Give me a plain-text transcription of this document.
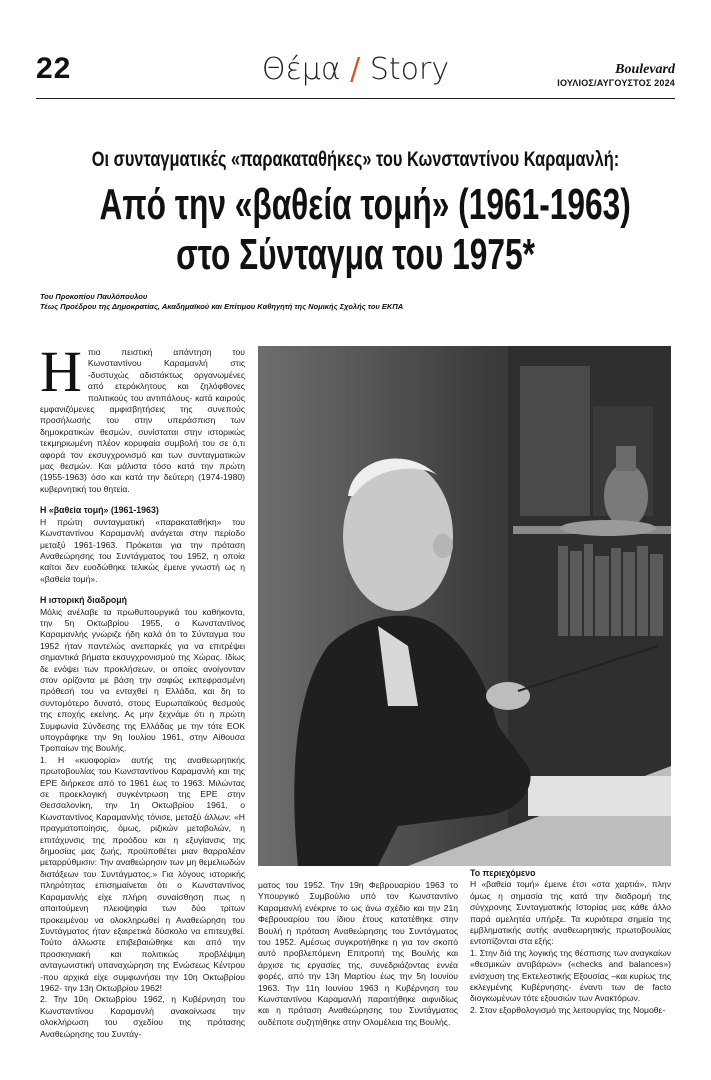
22	Θέμα / Story	Boulevard
ΙΟΥΛΙΟΣ/ΑΥΓΟΥΣΤΟΣ 2024
Οι συνταγματικές «παρακαταθήκες» του Κωνσταντίνου Καραμανλή:
Από την «βαθεία τομή» (1961-1963)
στο Σύνταγμα του 1975*
Του Προκοπίου Παυλόπουλου
Τέως Προέδρου της Δημοκρατίας, Ακαδημαϊκού και Επίτιμου Καθηγητή της Νομικής Σχολής του ΕΚΠΑ

Ηπιο πειστική απάντηση του Κωνσταντίνου Καραμανλή στις -δυστυχώς αδιστάκτως οργανωμένες από ετερόκλητους και ζηλόφθονες πολιτικούς του αντιπάλους- κατά καιρούς εμφανιζόμενες αμφισβητήσεις της συνεπούς προσήλωσής του στην υπεράσπιση των δημοκρατικών θεσμών, συνίσταται στην ιστορικώς τεκμηριωμένη πλέον κορυφαία συμβολή του σε ό,τι αφορά τον εκσυγχρονισμό και των συνταγματικών μας θεσμών. Και μάλιστα τόσο κατά την πρώτη (1955-1963) όσο και κατά την δεύτερη (1974-1980) κυβερνητική του θητεία.

Η «βαθεία τομή» (1961-1963)

Η πρώτη συνταγματική «παρακαταθήκη» του Κωνσταντίνου Καραμανλή ανάγεται στην περίοδο μεταξύ 1961-1963. Πρόκειται για την πρόταση Αναθεώρησης του Συντάγματος του 1952, η οποία καίτοι δεν ευοδώθηκε τελικώς έμεινε γνωστή ως η «βαθεία τομή».

Η ιστορική διαδρομή

Μόλις ανέλαβε τα πρωθυπουργικά του καθήκοντα, την 5η Οκτωβρίου 1955, ο Κωνσταντίνος Καραμανλής γνώριζε ήδη καλά ότι το Σύνταγμα του 1952 ήταν παντελώς ανεπαρκές για να επιτρέψει σημαντικά βήματα εκσυγχρονισμού της Χώρας. Ιδίως δε ενόψει των προκλήσεων, οι οποίες ανοίγονταν στον ορίζοντα με βάση την σαφώς εκπεφρασμένη πρόθεσή του να ενταχθεί η Ελλάδα, και δη το συντομότερο δυνατό, στους Ευρωπαϊκούς θεσμούς της εποχής εκείνης. Ας μην ξεχνάμε ότι η πρώτη Συμφωνία Σύνδεσης της Ελλάδας με την τότε ΕΟΚ υπογράφηκε την 9η Ιουλίου 1961, στην Αίθουσα Τροπαίων της Βουλής.

1. Η «κυοφορία» αυτής της αναθεωρητικής πρωτοβουλίας του Κωνσταντίνου Καραμανλή και της ΕΡΕ διήρκεσε από το 1961 έως το 1963. Μιλώντας σε προεκλογική συγκέντρωση της ΕΡΕ στην Θεσσαλονίκη, την 1η Οκτωβρίου 1961, ο Κωνσταντίνος Καραμανλής τόνισε, μεταξύ άλλων: «Η πραγματοποίησις, όμως, ριζικών μεταβολών, η επιτάχυνσις της προόδου και η εξυγίανσις της δημοσίας μας ζωής, προϋποθέτει μιαν θαρραλέαν μεταρρύθμισιν: Την αναθεώρησιν των μη θεμελιωδών διατάξεων του Συντάγματος.» Για λόγους ιστορικής πληρότητας επισημαίνεται ότι ο Κωνσταντίνος Καραμανλής είχε πλήρη συναίσθηση πως η απαιτούμενη πλειοψηφία των δύο τρίτων προκειμένου να ολοκληρωθεί η Αναθεώρηση του Συντάγματος ήταν εξαιρετικά δύσκολο να επιτευχθεί. Τούτο άλλωστε επιβεβαιώθηκε και από την προσκηνιακή και πολιτικώς προβλέψιμη ανταγωνιστική υπαναχώρηση της Ενώσεως Κέντρου -που αρχικά είχε συμφωνήσει την 10η Οκτωβρίου 1962- την 13η Οκτωβρίου 1962!

2. Την 10η Οκτωβρίου 1962, η Κυβέρνηση του Κωνσταντίνου Καραμανλή ανακοίνωσε την ολοκλήρωση του σχεδίου της πρότασης Αναθεώρησης του Συντάγ-

ματος του 1952. Την 19η Φεβρουαρίου 1963 το Υπουργικό Συμβούλιο υπό τον Κωνσταντίνο Καραμανλή ενέκρινε το ως άνω σχέδιο και την 21η Φεβρουαρίου του ίδιου έτους κατατέθηκε στην Βουλή η πρόταση Αναθεώρησης του Συντάγματος του 1952. Αμέσως συγκροτήθηκε η για τον σκοπό αυτό προβλεπόμενη Επιτροπή της Βουλής και άρχισε τις εργασίες της, συνεδριάζοντας εννέα φορές, από την 13η Μαρτίου έως την 5η Ιουνίου 1963. Την 11η Ιουνίου 1963 η Κυβέρνηση του Κωνσταντίνου Καραμανλή παραιτήθηκε αιφνιδίως και η πρόταση Αναθεώρησης του Συντάγματος ουδέποτε συζητήθηκε στην Ολομέλεια της Βουλής.

Το περιεχόμενο

Η «βαθεία τομή» έμεινε έτσι «στα χαρτιά», πλην όμως η σημασία της κατά την διαδρομή της σύγχρονης Συνταγματικής Ιστορίας μας κάθε άλλο παρά αμελητέα υπήρξε. Τα κυριότερα σημεία της εμβληματικής αυτής αναθεωρητικής πρωτοβουλίας εντοπίζονται στα εξής:

1. Στην διά της λογικής της θέσπισης των αναγκαίων «θεσμικών αντιβάρων» («checks and balances») ενίσχυση της Εκτελεστικής Εξουσίας –και κυρίως της εκλεγμένης Κυβέρνησης- έναντι των de facto διογκωμένων τότε εξουσιών των Ανακτόρων.

2. Στον εξορθολογισμό της λειτουργίας της Νομοθε-
